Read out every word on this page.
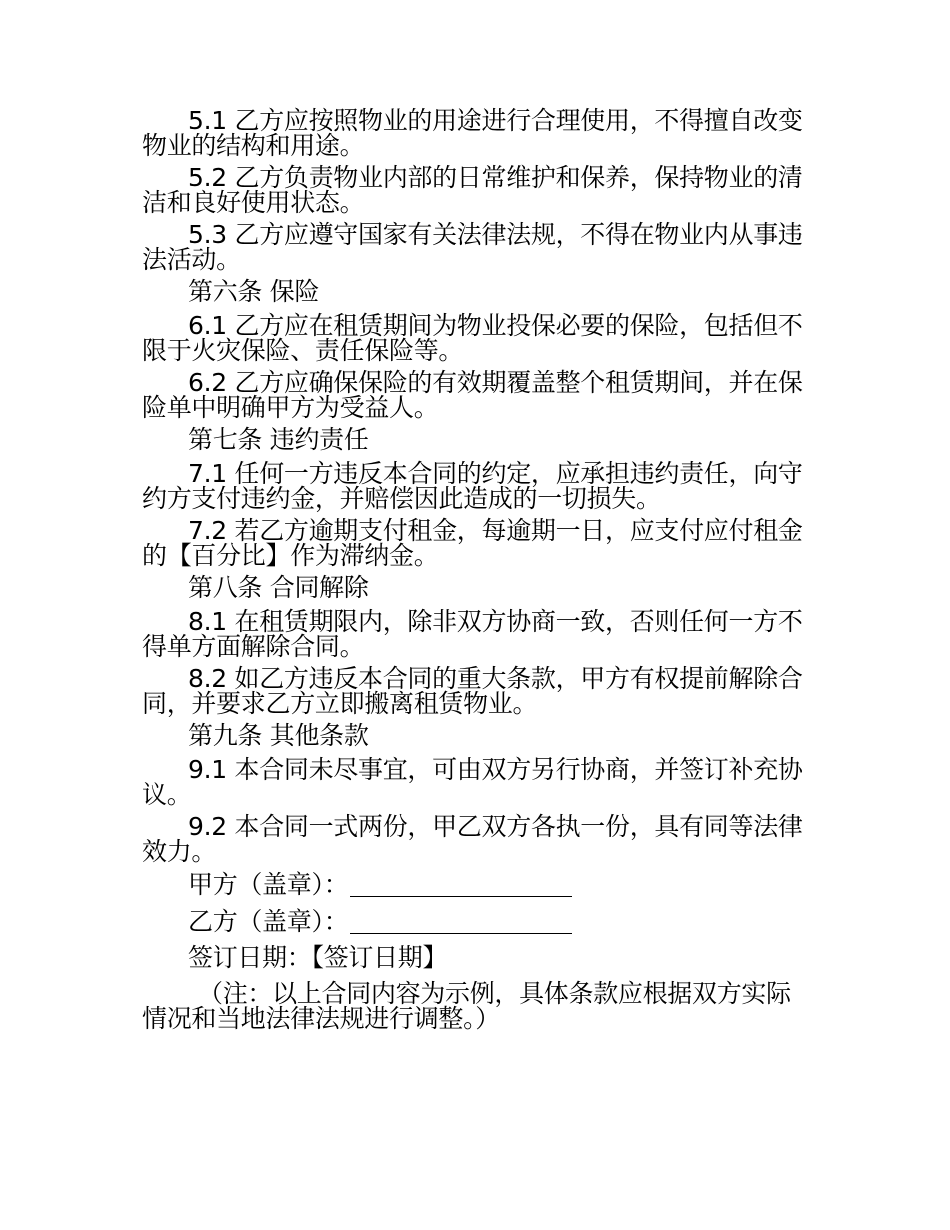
5.1 乙方应按照物业的用途进行合理使用，不得擅自改变物业的结构和用途。

5.2 乙方负责物业内部的日常维护和保养，保持物业的清洁和良好使用状态。

5.3 乙方应遵守国家有关法律法规，不得在物业内从事违法活动。

第六条 保险

6.1 乙方应在租赁期间为物业投保必要的保险，包括但不限于火灾保险、责任保险等。

6.2 乙方应确保保险的有效期覆盖整个租赁期间，并在保险单中明确甲方为受益人。

第七条 违约责任

7.1 任何一方违反本合同的约定，应承担违约责任，向守约方支付违约金，并赔偿因此造成的一切损失。

7.2 若乙方逾期支付租金，每逾期一日，应支付应付租金的【百分比】作为滞纳金。

第八条 合同解除

8.1 在租赁期限内，除非双方协商一致，否则任何一方不得单方面解除合同。

8.2 如乙方违反本合同的重大条款，甲方有权提前解除合同，并要求乙方立即搬离租赁物业。

第九条 其他条款

9.1 本合同未尽事宜，可由双方另行协商，并签订补充协议。

9.2 本合同一式两份，甲乙双方各执一份，具有同等法律效力。

甲方（盖章）：
乙方（盖章）：
签订日期：【签订日期】

（注：以上合同内容为示例，具体条款应根据双方实际情况和当地法律法规进行调整。）
